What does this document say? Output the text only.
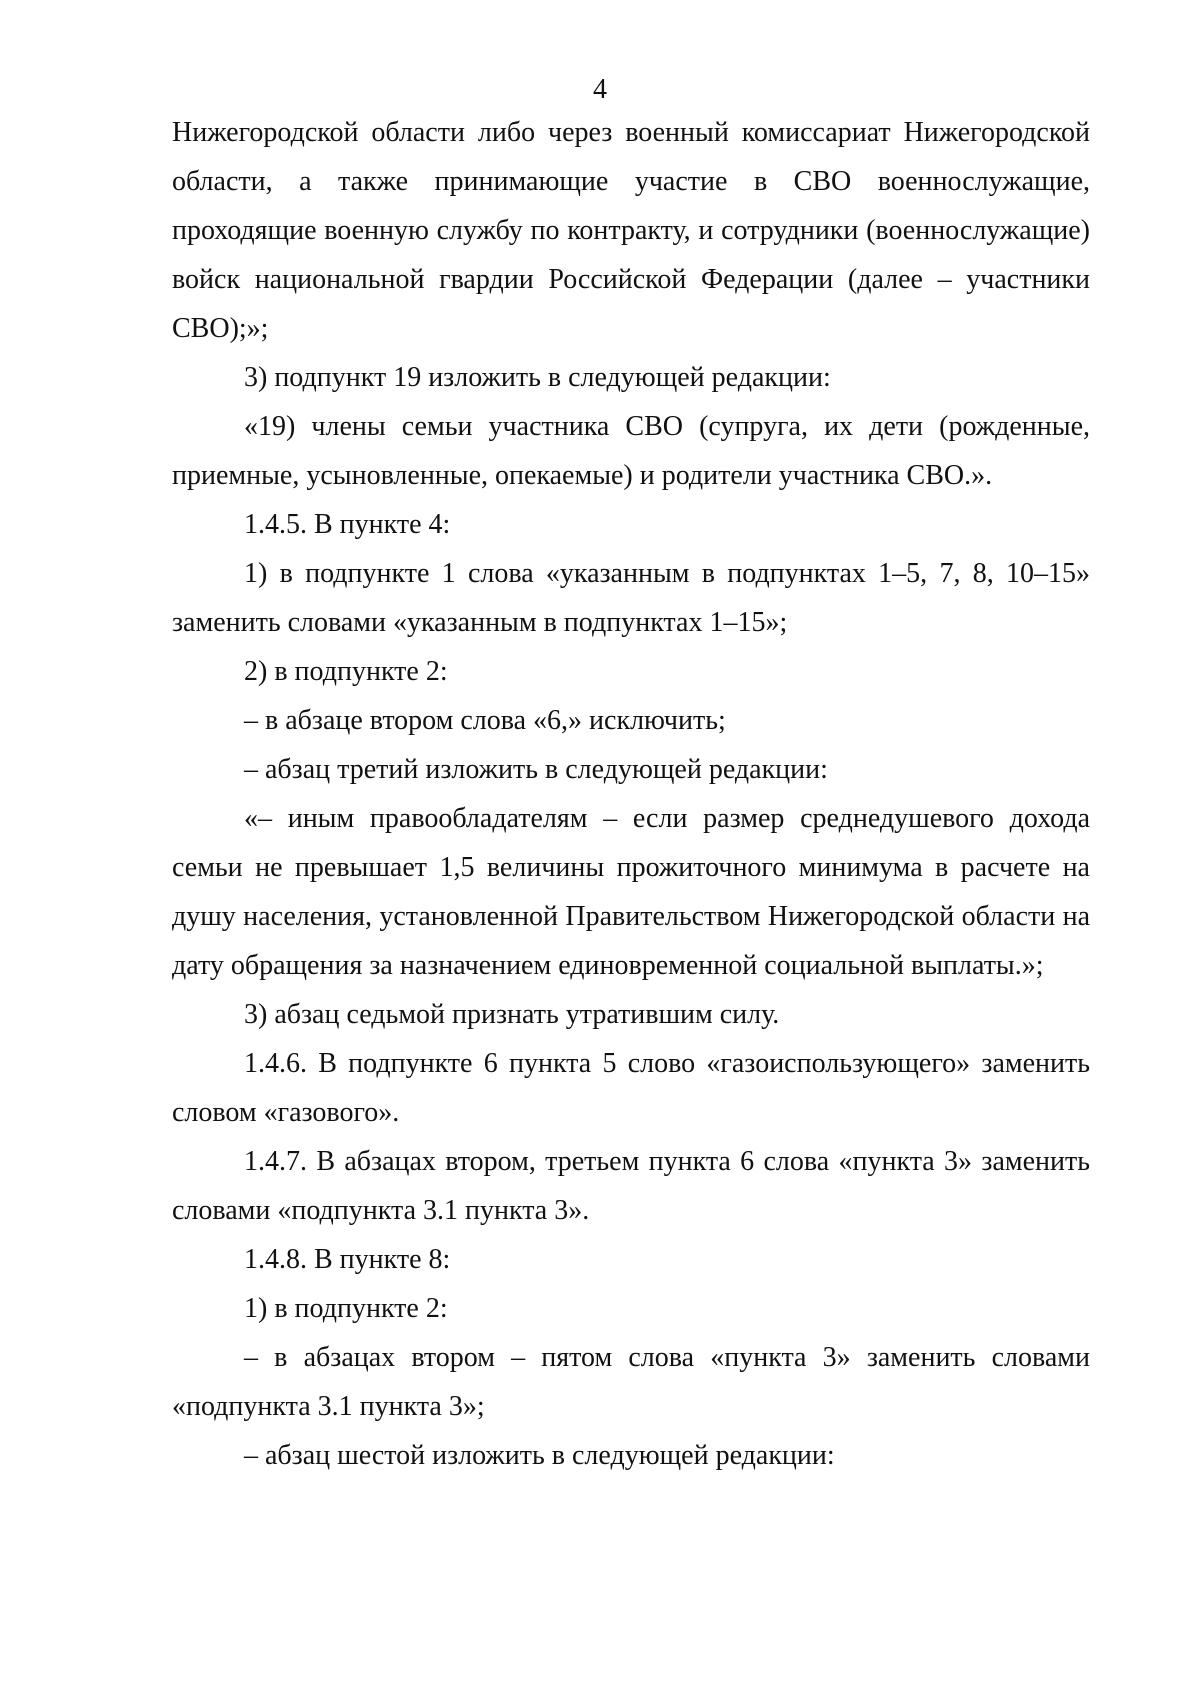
4

Нижегородской области либо через военный комиссариат Нижегородской области, а также принимающие участие в СВО военнослужащие, проходящие военную службу по контракту, и сотрудники (военнослужащие) войск национальной гвардии Российской Федерации (далее – участники СВО);»;

3) подпункт 19 изложить в следующей редакции:

«19) члены семьи участника СВО (супруга, их дети (рожденные, приемные, усыновленные, опекаемые) и родители участника СВО.».

1.4.5. В пункте 4:

1) в подпункте 1 слова «указанным в подпунктах 1–5, 7, 8, 10–15» заменить словами «указанным в подпунктах 1–15»;

2) в подпункте 2:

– в абзаце втором слова «6,» исключить;

– абзац третий изложить в следующей редакции:

«– иным правообладателям – если размер среднедушевого дохода семьи не превышает 1,5 величины прожиточного минимума в расчете на душу населения, установленной Правительством Нижегородской области на дату обращения за назначением единовременной социальной выплаты.»;

3) абзац седьмой признать утратившим силу.

1.4.6. В подпункте 6 пункта 5 слово «газоиспользующего» заменить словом «газового».

1.4.7. В абзацах втором, третьем пункта 6 слова «пункта 3» заменить словами «подпункта 3.1 пункта 3».

1.4.8. В пункте 8:

1) в подпункте 2:

– в абзацах втором – пятом слова «пункта 3» заменить словами «подпункта 3.1 пункта 3»;

– абзац шестой изложить в следующей редакции:
